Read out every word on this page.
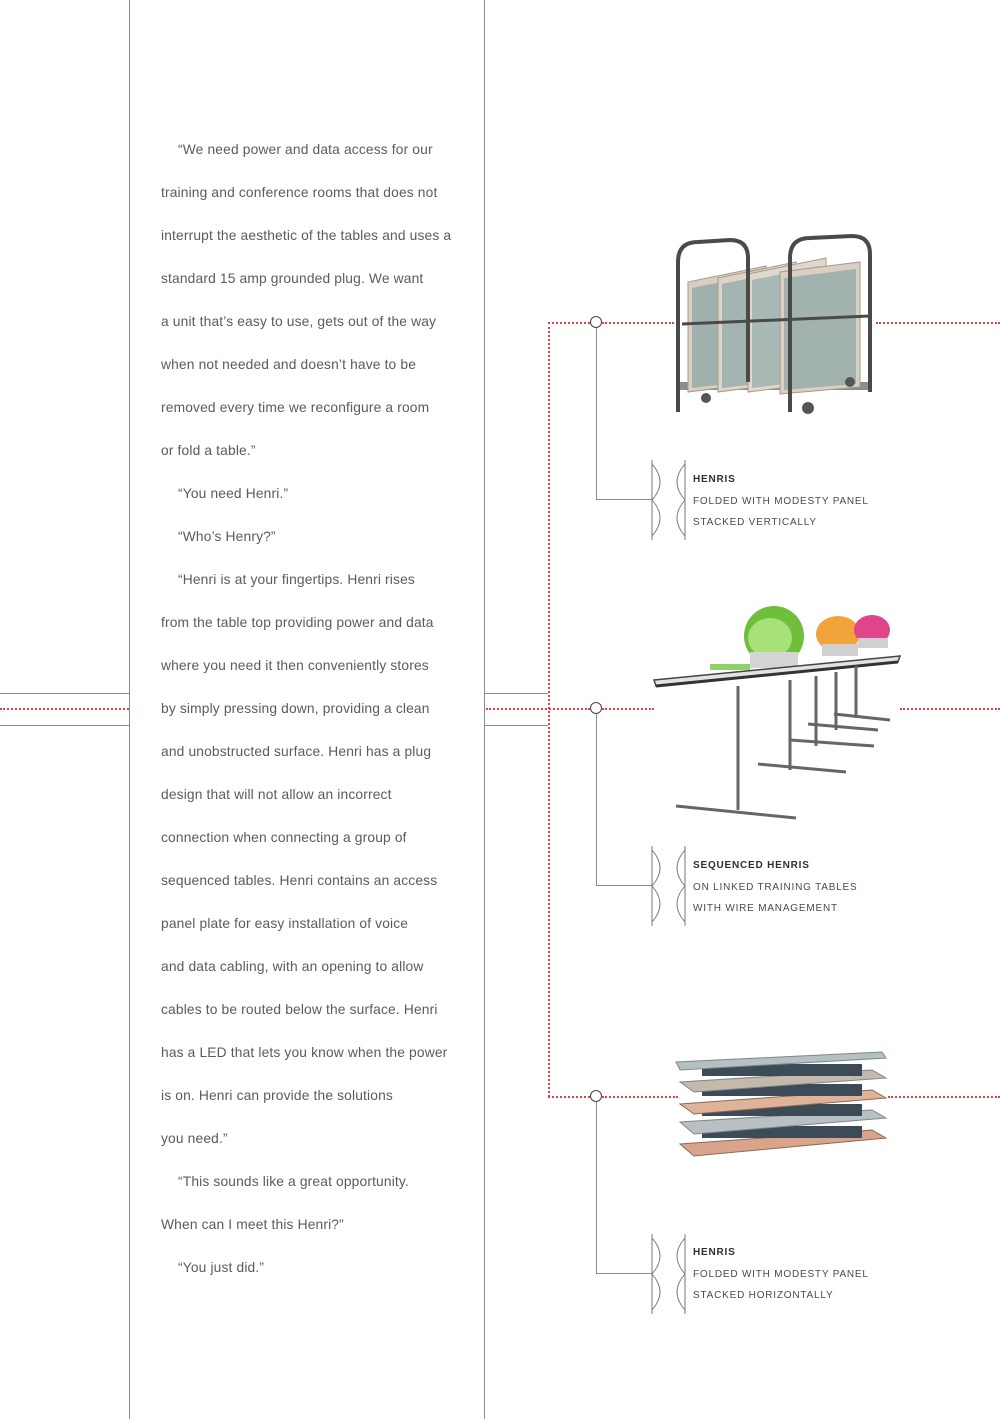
HENRIS
FOLDED WITH MODESTY PANEL
STACKED VERTICALLY
SEQUENCED HENRIS
ON LINKED TRAINING TABLES
WITH WIRE MANAGEMENT
HENRIS
FOLDED WITH MODESTY PANEL
STACKED HORIZONTALLY
“We need power and data access for our
training and conference rooms that does not
interrupt the aesthetic of the tables and uses a
standard 15 amp grounded plug. We want
a unit that’s easy to use, gets out of the way
when not needed and doesn’t have to be
removed every time we reconfigure a room
or fold a table.”
“You need Henri.”
“Who’s Henry?”
“Henri is at your fingertips. Henri rises
from the table top providing power and data
where you need it then conveniently stores
by simply pressing down, providing a clean
and unobstructed surface. Henri has a plug
design that will not allow an incorrect
connection when connecting a group of
sequenced tables. Henri contains an access
panel plate for easy installation of voice
and data cabling, with an opening to allow
cables to be routed below the surface. Henri
has a LED that lets you know when the power
is on. Henri can provide the solutions
you need.”
“This sounds like a great opportunity.
When can I meet this Henri?”
“You just did.”
